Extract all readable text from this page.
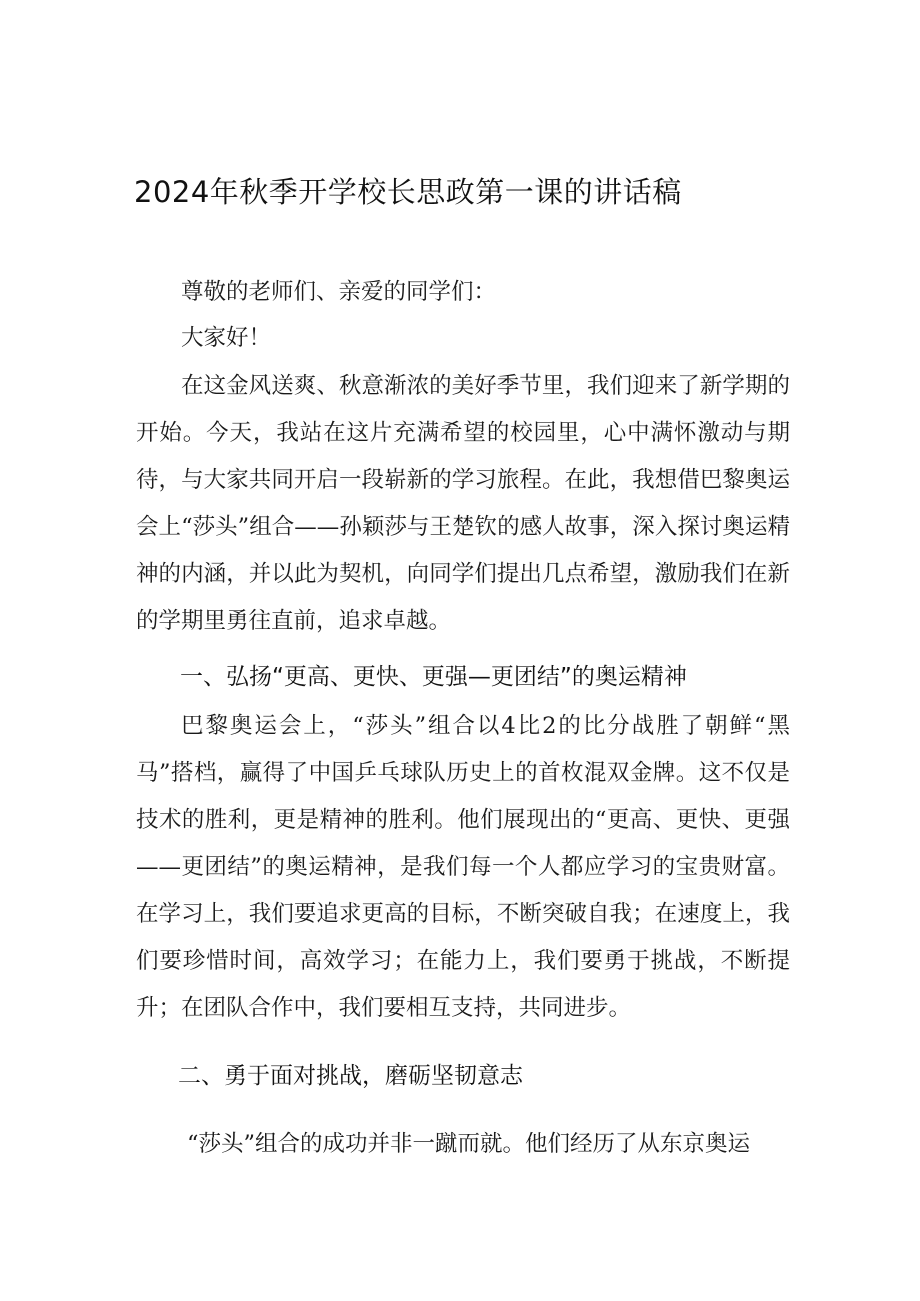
2024年秋季开学校长思政第一课的讲话稿
尊敬的老师们、亲爱的同学们：
大家好！

在这金风送爽、秋意渐浓的美好季节里，我们迎来了新学期的开始。今天，我站在这片充满希望的校园里，心中满怀激动与期待，与大家共同开启一段崭新的学习旅程。在此，我想借巴黎奥运会上“莎头”组合——孙颖莎与王楚钦的感人故事，深入探讨奥运精神的内涵，并以此为契机，向同学们提出几点希望，激励我们在新的学期里勇往直前，追求卓越。

一、弘扬“更高、更快、更强—更团结”的奥运精神

巴黎奥运会上，“莎头”组合以4比2的比分战胜了朝鲜“黑马”搭档，赢得了中国乒乓球队历史上的首枚混双金牌。这不仅是技术的胜利，更是精神的胜利。他们展现出的“更高、更快、更强——更团结”的奥运精神，是我们每一个人都应学习的宝贵财富。在学习上，我们要追求更高的目标，不断突破自我；在速度上，我们要珍惜时间，高效学习；在能力上，我们要勇于挑战，不断提升；在团队合作中，我们要相互支持，共同进步。

二、勇于面对挑战，磨砺坚韧意志
“莎头”组合的成功并非一蹴而就。他们经历了从东京奥运
